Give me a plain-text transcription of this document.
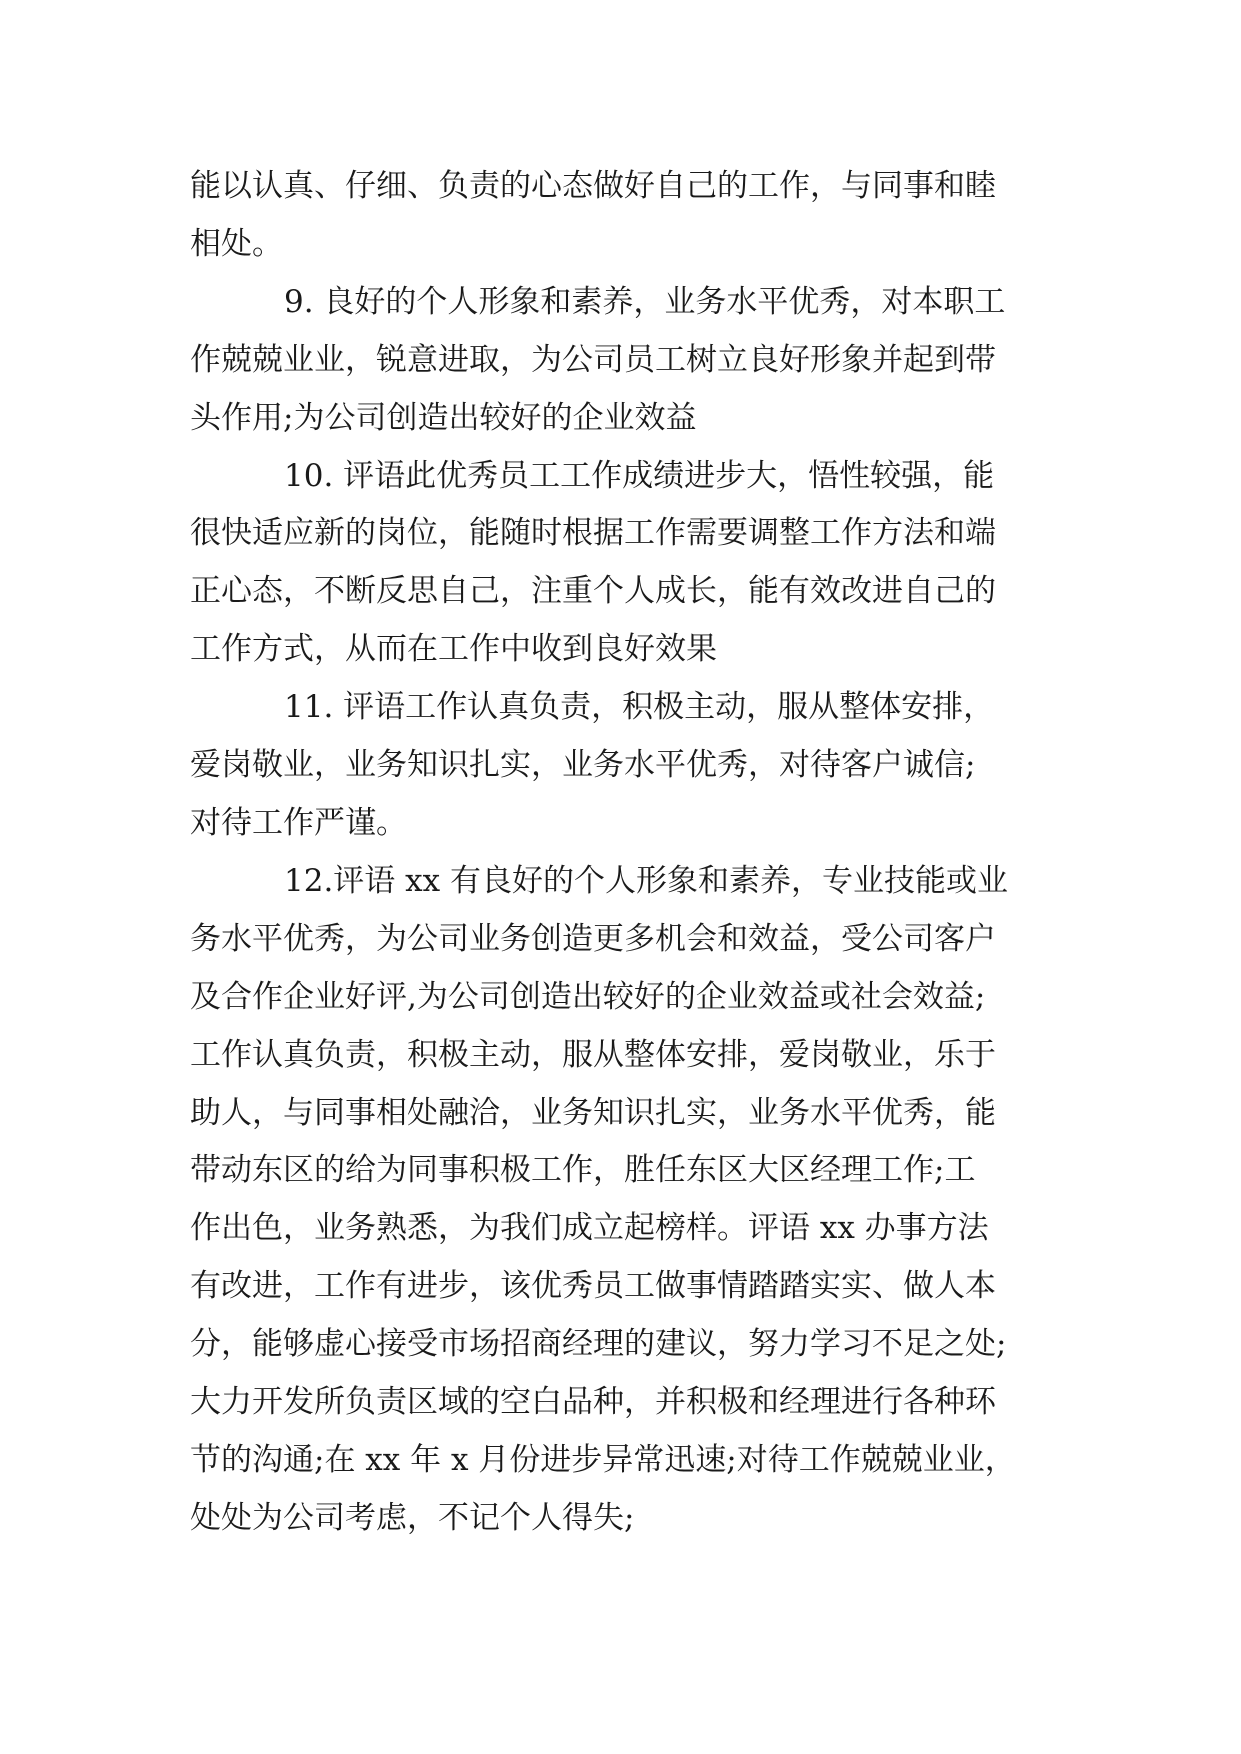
能以认真、仔细、负责的心态做好自己的工作，与同事和睦
相处。

9. 良好的个人形象和素养，业务水平优秀，对本职工
作兢兢业业，锐意进取，为公司员工树立良好形象并起到带
头作用;为公司创造出较好的企业效益

10. 评语此优秀员工工作成绩进步大，悟性较强，能
很快适应新的岗位，能随时根据工作需要调整工作方法和端
正心态，不断反思自己，注重个人成长，能有效改进自己的
工作方式，从而在工作中收到良好效果

11. 评语工作认真负责，积极主动，服从整体安排，
爱岗敬业，业务知识扎实，业务水平优秀，对待客户诚信;
对待工作严谨。

12.评语 xx 有良好的个人形象和素养，专业技能或业
务水平优秀，为公司业务创造更多机会和效益，受公司客户
及合作企业好评,为公司创造出较好的企业效益或社会效益;
工作认真负责，积极主动，服从整体安排，爱岗敬业，乐于
助人，与同事相处融洽，业务知识扎实，业务水平优秀，能
带动东区的给为同事积极工作，胜任东区大区经理工作;工
作出色，业务熟悉，为我们成立起榜样。评语 xx 办事方法
有改进，工作有进步，该优秀员工做事情踏踏实实、做人本
分，能够虚心接受市场招商经理的建议，努力学习不足之处;
大力开发所负责区域的空白品种，并积极和经理进行各种环
节的沟通;在 xx 年 x 月份进步异常迅速;对待工作兢兢业业，
处处为公司考虑，不记个人得失;
